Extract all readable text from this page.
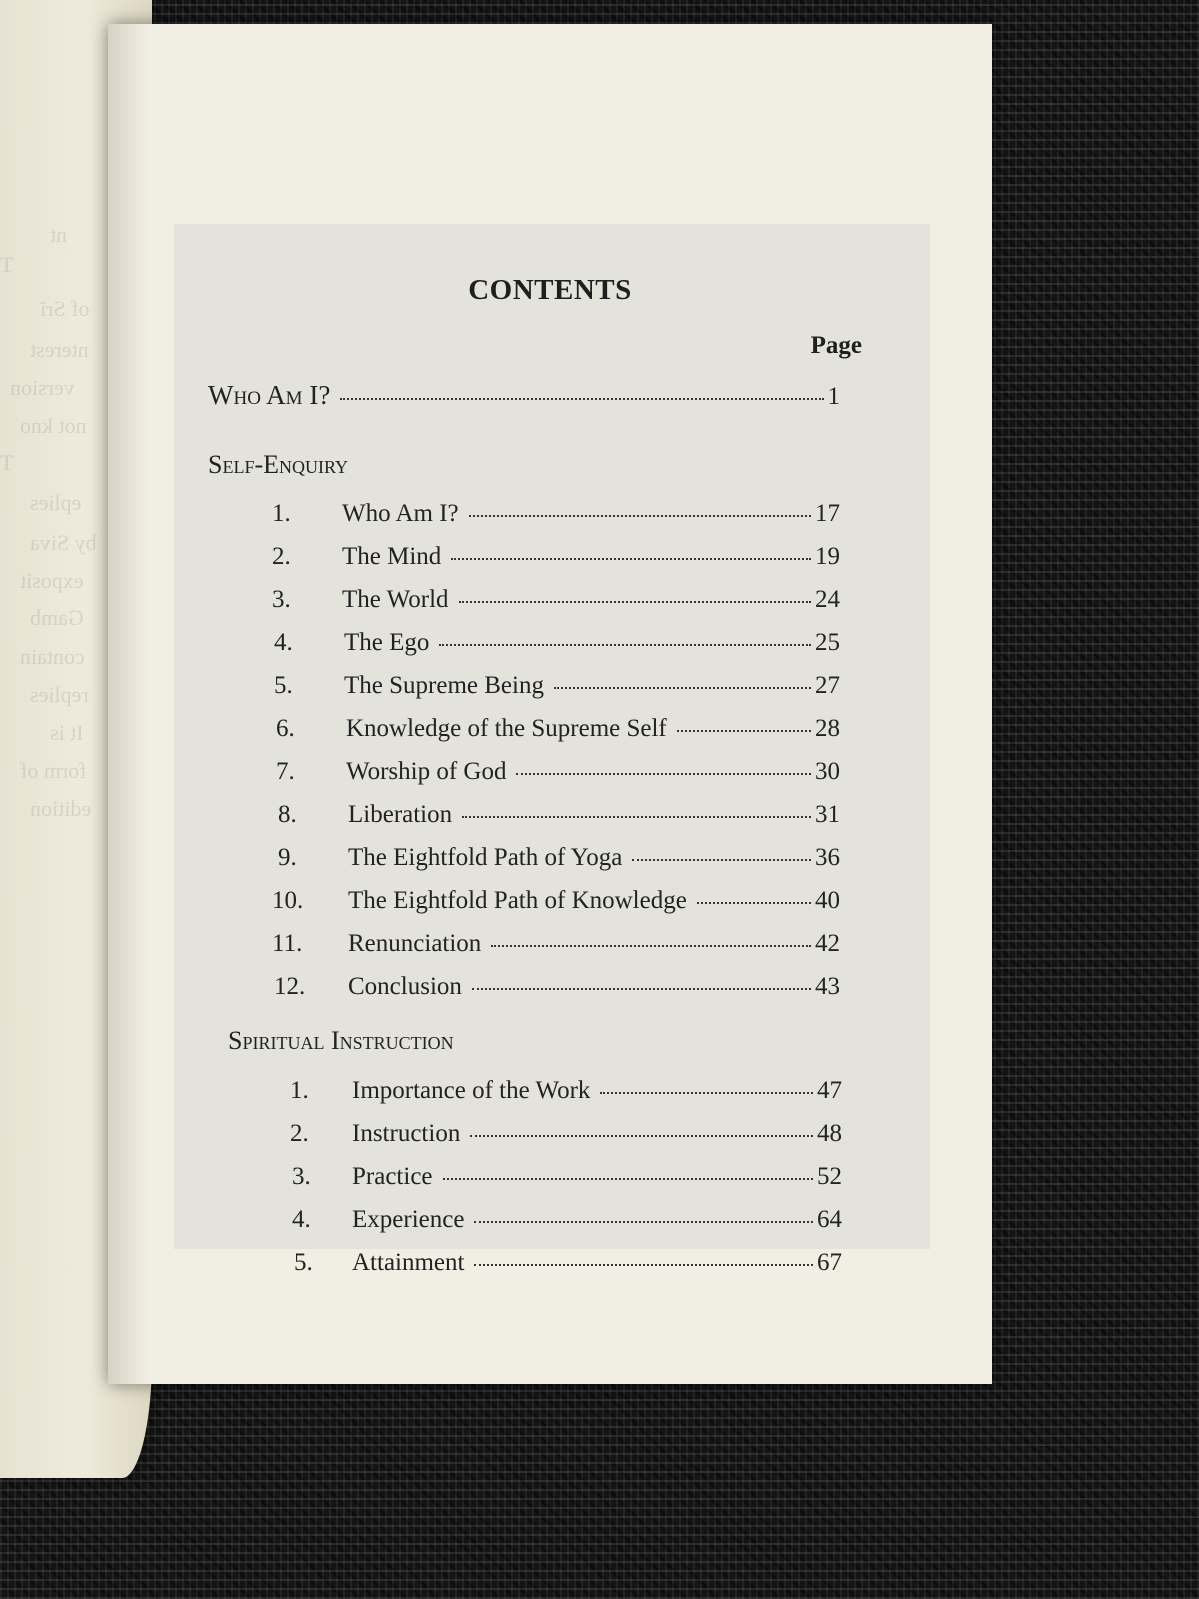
nt
T
of Srī
nterest
version
not kno
T
eplies
by Siva
exposit
Gamb
contain
replies
It is
form of
edition
CONTENTS
Page
Who Am I?	1
Self-Enquiry
1.	Who Am I?	17
2.	The Mind	19
3.	The World	24
4.	The Ego	25
5.	The Supreme Being	27
6.	Knowledge of the Supreme Self	28
7.	Worship of God	30
8.	Liberation	31
9.	The Eightfold Path of Yoga	36
10.	The Eightfold Path of Knowledge	40
11.	Renunciation	42
12.	Conclusion	43
Spiritual Instruction
1.	Importance of the Work	47
2.	Instruction	48
3.	Practice	52
4.	Experience	64
5.	Attainment	67
